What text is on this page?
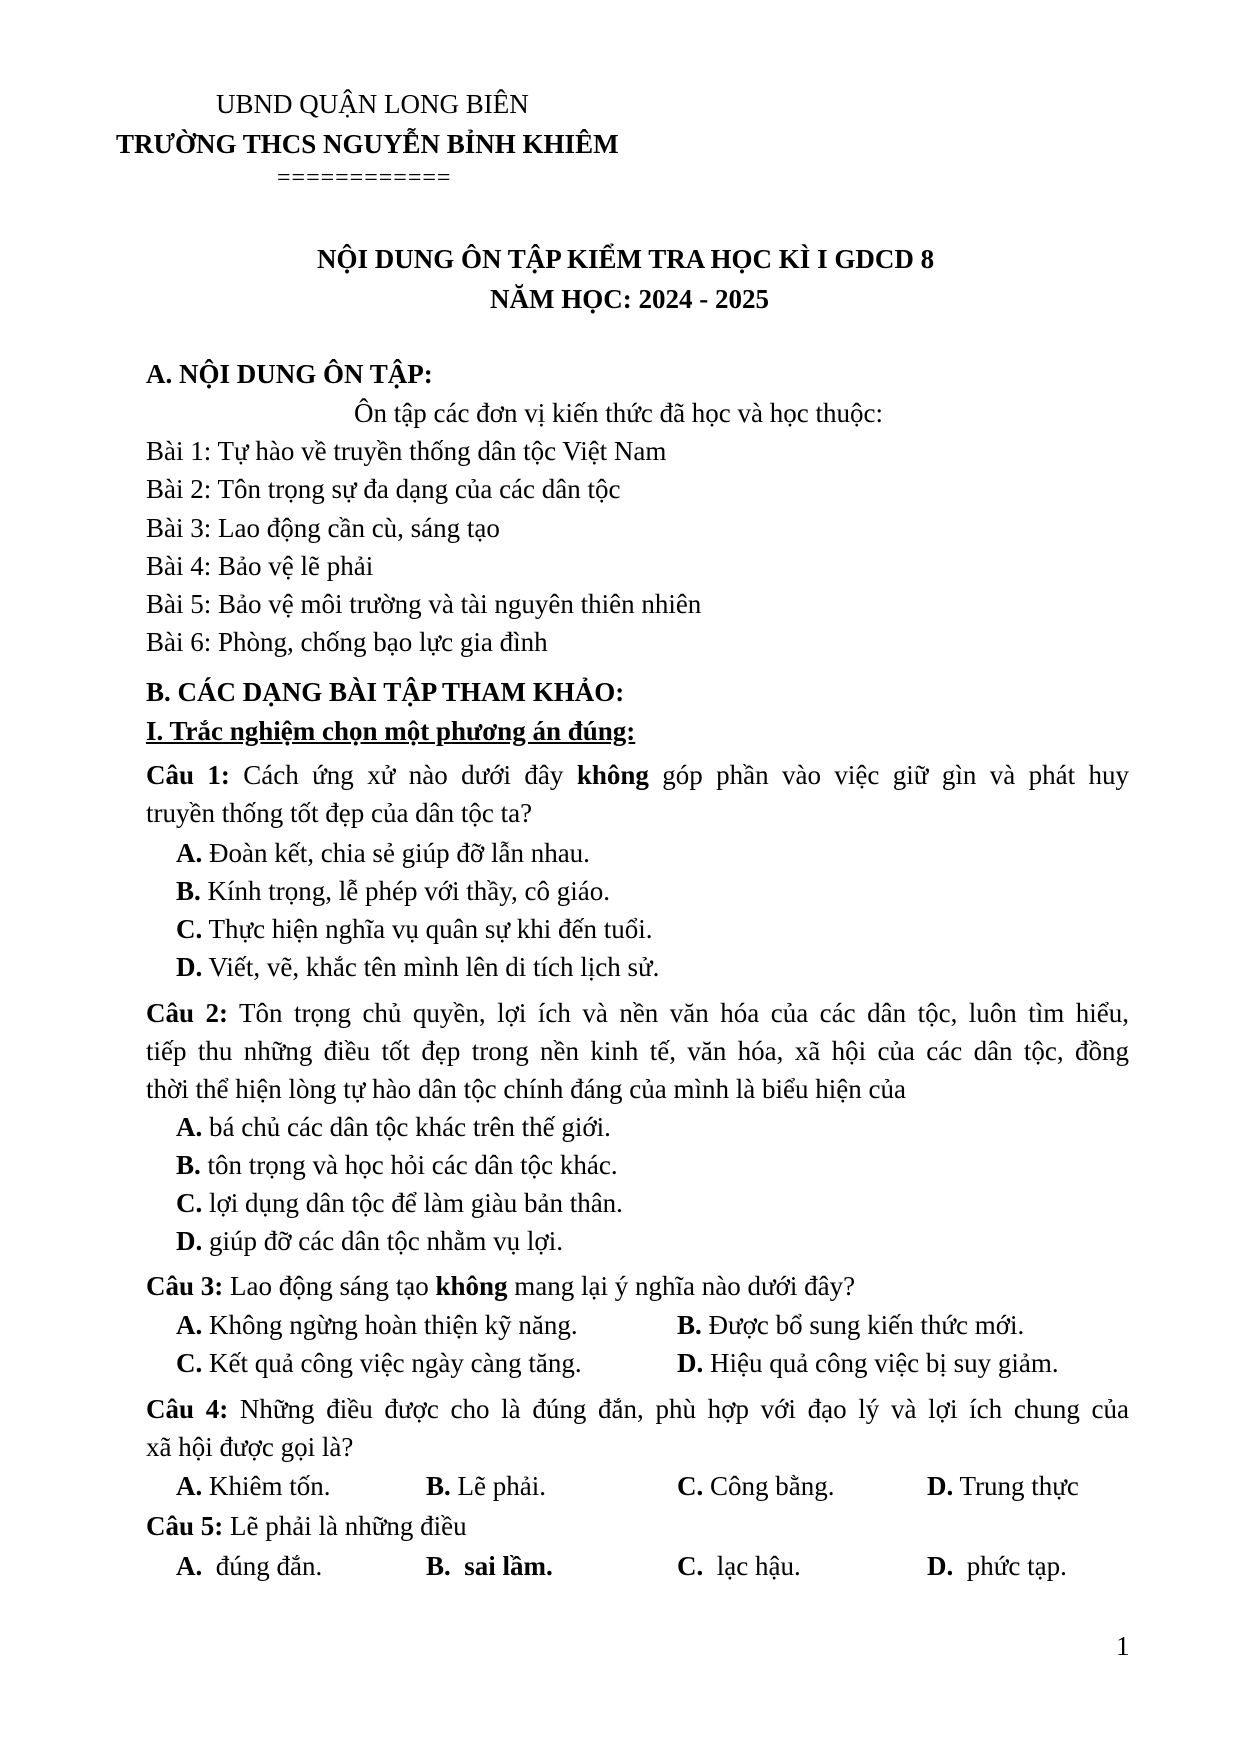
UBND QUẬN LONG BIÊN
TRƯỜNG THCS NGUYỄN BỈNH KHIÊM
============
NỘI DUNG ÔN TẬP KIỂM TRA HỌC KÌ I GDCD 8
NĂM HỌC: 2024 - 2025
A. NỘI DUNG ÔN TẬP:
Ôn tập các đơn vị kiến thức đã học và học thuộc:
Bài 1: Tự hào về truyền thống dân tộc Việt Nam
Bài 2: Tôn trọng sự đa dạng của các dân tộc
Bài 3: Lao động cần cù, sáng tạo
Bài 4: Bảo vệ lẽ phải
Bài 5: Bảo vệ môi trường và tài nguyên thiên nhiên
Bài 6: Phòng, chống bạo lực gia đình
B. CÁC DẠNG BÀI TẬP THAM KHẢO:
I. Trắc nghiệm chọn một phương án đúng:
Câu 1: Cách ứng xử nào dưới đây không góp phần vào việc giữ gìn và phát huy
truyền thống tốt đẹp của dân tộc ta?
A. Đoàn kết, chia sẻ giúp đỡ lẫn nhau.
B. Kính trọng, lễ phép với thầy, cô giáo.
C. Thực hiện nghĩa vụ quân sự khi đến tuổi.
D. Viết, vẽ, khắc tên mình lên di tích lịch sử.
Câu 2: Tôn trọng chủ quyền, lợi ích và nền văn hóa của các dân tộc, luôn tìm hiểu,
tiếp thu những điều tốt đẹp trong nền kinh tế, văn hóa, xã hội của các dân tộc, đồng
thời thể hiện lòng tự hào dân tộc chính đáng của mình là biểu hiện của
A. bá chủ các dân tộc khác trên thế giới.
B. tôn trọng và học hỏi các dân tộc khác.
C. lợi dụng dân tộc để làm giàu bản thân.
D. giúp đỡ các dân tộc nhằm vụ lợi.
Câu 3: Lao động sáng tạo không mang lại ý nghĩa nào dưới đây?
A. Không ngừng hoàn thiện kỹ năng.	B. Được bổ sung kiến thức mới.
C. Kết quả công việc ngày càng tăng.	D. Hiệu quả công việc bị suy giảm.
Câu 4: Những điều được cho là đúng đắn, phù hợp với đạo lý và lợi ích chung của
xã hội được gọi là?
A. Khiêm tốn.	B. Lẽ phải.	C. Công bằng.	D. Trung thực
Câu 5: Lẽ phải là những điều
A.  đúng đắn.	B.  sai lầm.	C.  lạc hậu.	D.  phức tạp.
1
